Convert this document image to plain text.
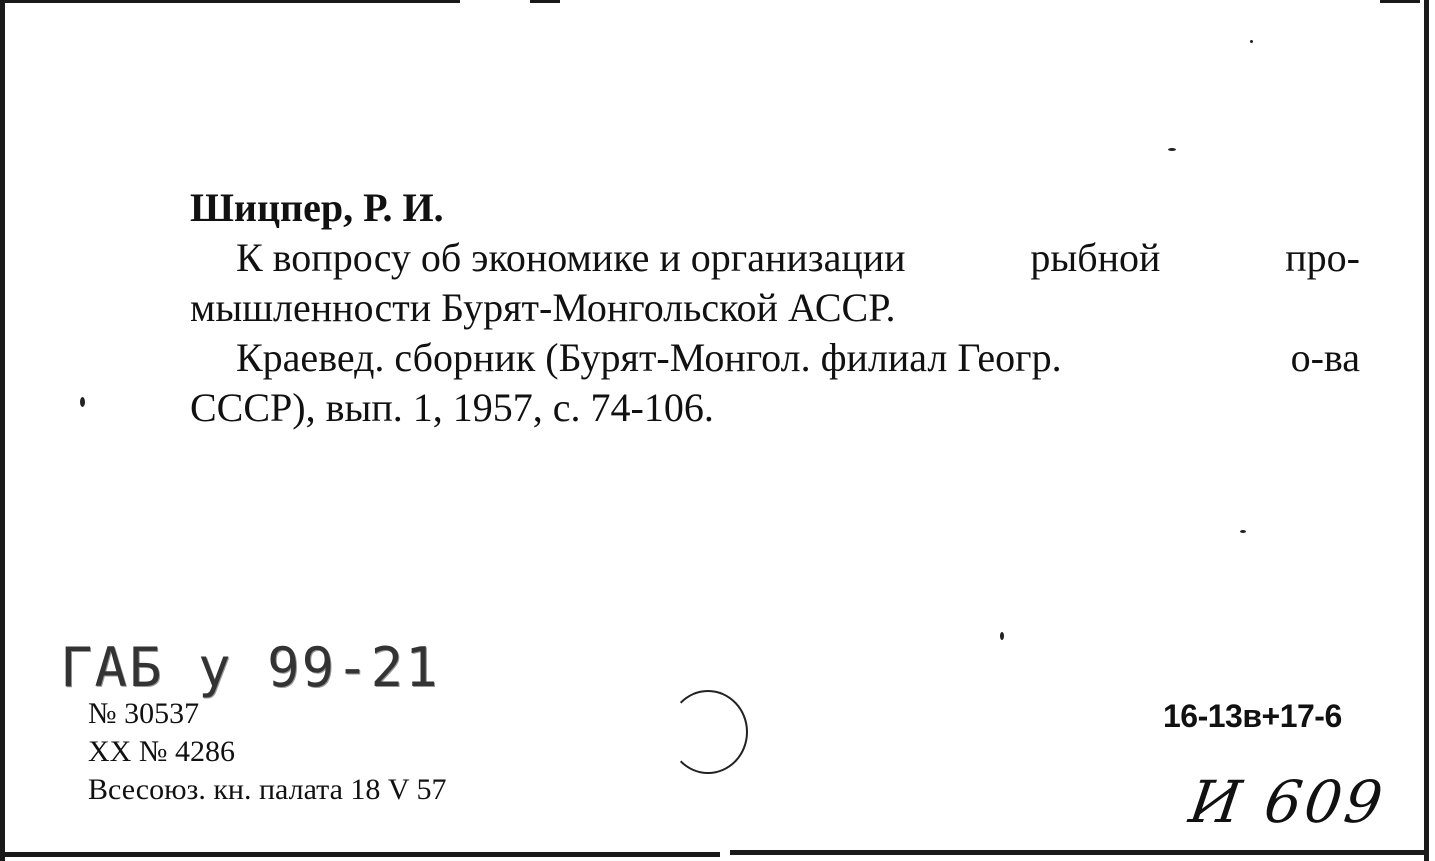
Шицпер, Р. И.

К вопросу об экономике и организации	рыбной	про-

мышленности Бурят-Монгольской АССР.

Краевед. сборник (Бурят-Монгол. филиал Геогр.	о-ва

СССР), вып. 1, 1957, с. 74-106.

ГАБ у 99-21
№ 30537
XX № 4286
Всесоюз. кн. палата 18 V 57
16-13в+17-6
И 609
